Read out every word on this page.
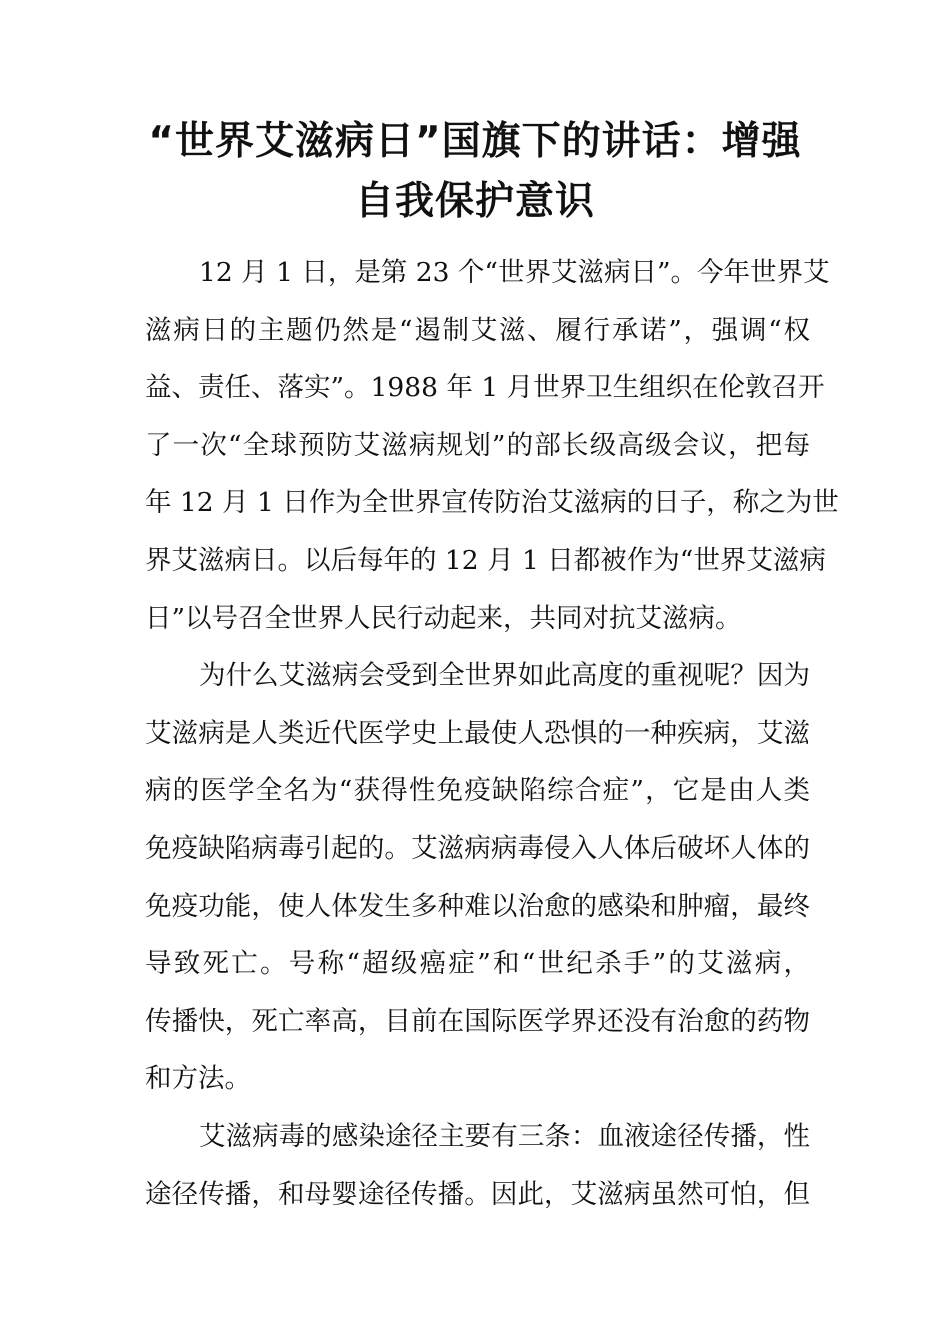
“世界艾滋病日”国旗下的讲话：增强
自我保护意识
12 月 1 日，是第 23 个“世界艾滋病日”。今年世界艾
滋病日的主题仍然是“遏制艾滋、履行承诺”，强调“权
益、责任、落实”。1988 年 1 月世界卫生组织在伦敦召开
了一次“全球预防艾滋病规划”的部长级高级会议，把每
年 12 月 1 日作为全世界宣传防治艾滋病的日子，称之为世
界艾滋病日。以后每年的 12 月 1 日都被作为“世界艾滋病
日”以号召全世界人民行动起来，共同对抗艾滋病。
为什么艾滋病会受到全世界如此高度的重视呢？因为
艾滋病是人类近代医学史上最使人恐惧的一种疾病，艾滋
病的医学全名为“获得性免疫缺陷综合症”，它是由人类
免疫缺陷病毒引起的。艾滋病病毒侵入人体后破坏人体的
免疫功能，使人体发生多种难以治愈的感染和肿瘤，最终
导致死亡。号称“超级癌症”和“世纪杀手”的艾滋病，
传播快，死亡率高，目前在国际医学界还没有治愈的药物
和方法。
艾滋病毒的感染途径主要有三条：血液途径传播，性
途径传播，和母婴途径传播。因此，艾滋病虽然可怕，但
